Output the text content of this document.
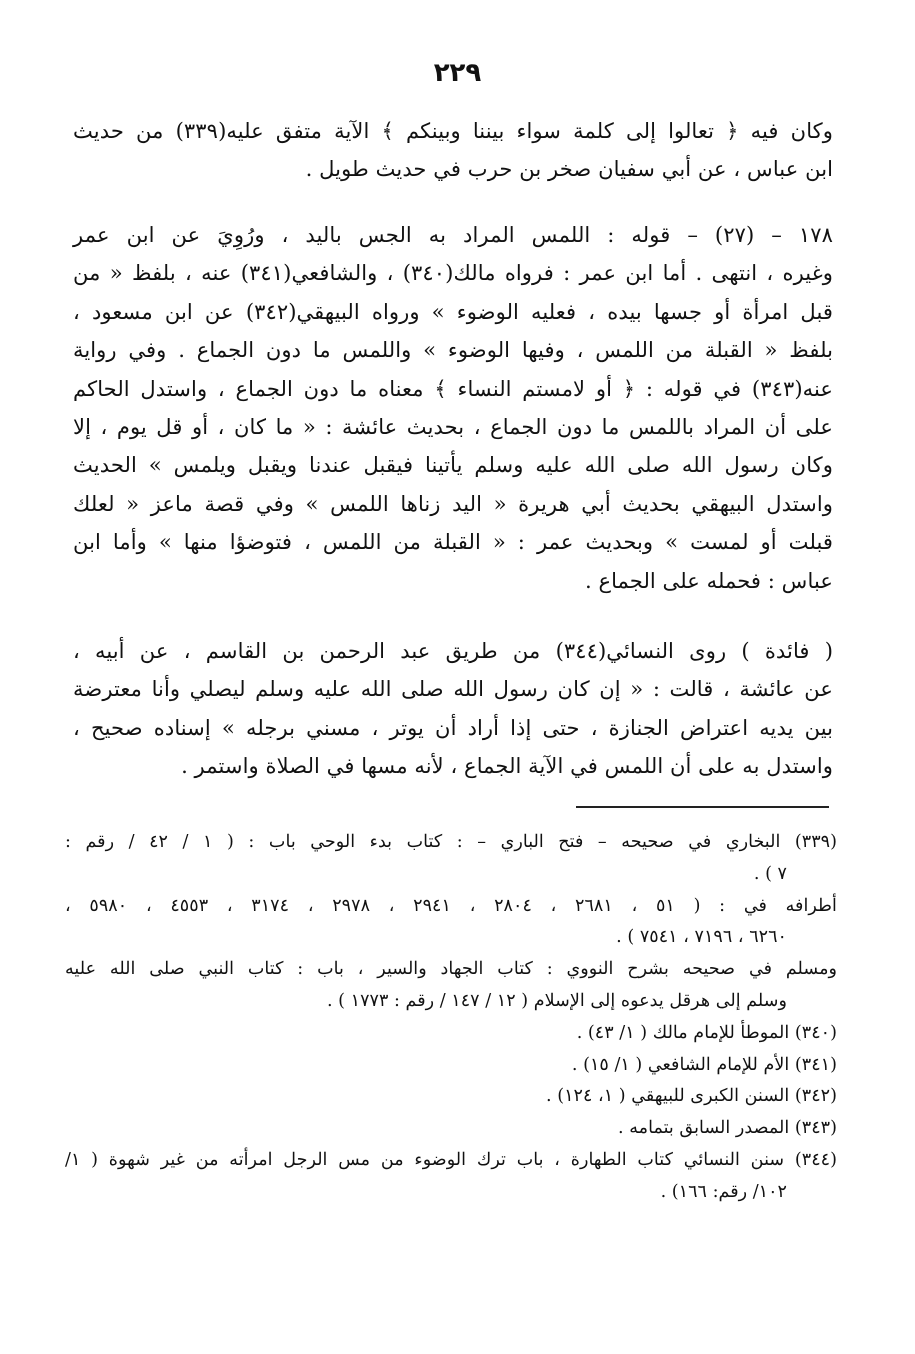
٢٢٩
وكان فيه ﴿ تعالوا إلى كلمة سواء بيننا وبينكم ﴾ الآية متفق عليه(٣٣٩) من حديث
ابن عباس ، عن أبي سفيان صخر بن حرب في حديث طويل .
١٧٨ – (٢٧) – قوله : اللمس المراد به الجس باليد ، ورُوِيَ عن ابن عمر
وغيره ، انتهى . أما ابن عمر : فرواه مالك(٣٤٠) ، والشافعي(٣٤١) عنه ، بلفظ « من
قبل امرأة أو جسها بيده ، فعليه الوضوء » ورواه البيهقي(٣٤٢) عن ابن مسعود ،
بلفظ « القبلة من اللمس ، وفيها الوضوء » واللمس ما دون الجماع . وفي رواية
عنه(٣٤٣) في قوله : ﴿ أو لامستم النساء ﴾ معناه ما دون الجماع ، واستدل الحاكم
على أن المراد باللمس ما دون الجماع ، بحديث عائشة : « ما كان ، أو قل يوم ، إلا
وكان رسول الله صلى الله عليه وسلم يأتينا فيقبل عندنا ويقبل ويلمس » الحديث
واستدل البيهقي بحديث أبي هريرة « اليد زناها اللمس » وفي قصة ماعز « لعلك
قبلت أو لمست » وبحديث عمر : « القبلة من اللمس ، فتوضؤا منها » وأما ابن
عباس : فحمله على الجماع .
( فائدة ) روى النسائي(٣٤٤) من طريق عبد الرحمن بن القاسم ، عن أبيه ،
عن عائشة ، قالت : « إن كان رسول الله صلى الله عليه وسلم ليصلي وأنا معترضة
بين يديه اعتراض الجنازة ، حتى إذا أراد أن يوتر ، مسني برجله » إسناده صحيح ،
واستدل به على أن اللمس في الآية الجماع ، لأنه مسها في الصلاة واستمر .
(٣٣٩) البخاري في صحيحه – فتح الباري – : كتاب بدء الوحي باب : ( ١ / ٤٢ / رقم :
٧ ) .
أطرافه في : ( ٥١ ، ٢٦٨١ ، ٢٨٠٤ ، ٢٩٤١ ، ٢٩٧٨ ، ٣١٧٤ ، ٤٥٥٣ ، ٥٩٨٠ ،
٦٢٦٠ ، ٧١٩٦ ، ٧٥٤١ ) .
ومسلم في صحيحه بشرح النووي : كتاب الجهاد والسير ، باب : كتاب النبي صلى الله عليه
وسلم إلى هرقل يدعوه إلى الإسلام ( ١٢ / ١٤٧ / رقم : ١٧٧٣ ) .
(٣٤٠) الموطأ للإمام مالك ( ١/ ٤٣) .
(٣٤١) الأم للإمام الشافعي ( ١/ ١٥) .
(٣٤٢) السنن الكبرى للبيهقي ( ١، ١٢٤) .
(٣٤٣) المصدر السابق بتمامه .
(٣٤٤) سنن النسائي كتاب الطهارة ، باب ترك الوضوء من مس الرجل امرأته من غير شهوة ( ١/
١٠٢/ رقم: ١٦٦) .
